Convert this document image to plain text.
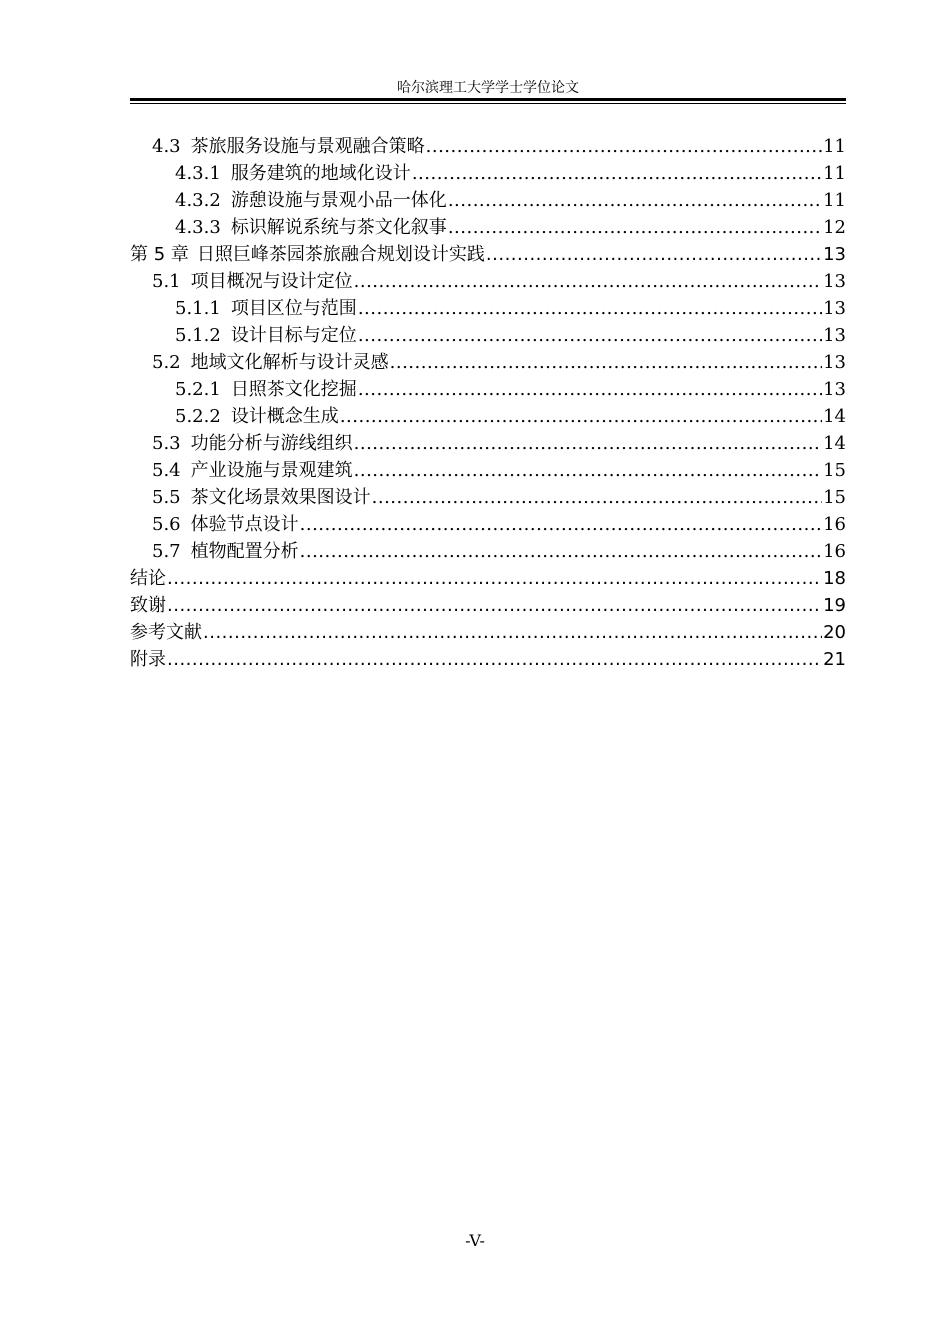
哈尔滨理工大学学士学位论文
4.3 茶旅服务设施与景观融合策略 .....	11
4.3.1 服务建筑的地域化设计 .....	11
4.3.2 游憩设施与景观小品一体化 .....	11
4.3.3 标识解说系统与茶文化叙事 .....	12
第 5 章 日照巨峰茶园茶旅融合规划设计实践 .....	13
5.1 项目概况与设计定位 .....	13
5.1.1 项目区位与范围 .....	13
5.1.2 设计目标与定位 .....	13
5.2 地域文化解析与设计灵感 .....	13
5.2.1 日照茶文化挖掘 .....	13
5.2.2 设计概念生成 .....	14
5.3 功能分析与游线组织 .....	14
5.4 产业设施与景观建筑 .....	15
5.5 茶文化场景效果图设计 .....	15
5.6 体验节点设计 .....	16
5.7 植物配置分析 .....	16
结论 .....	18
致谢 .....	19
参考文献 .....	20
附录 .....	21
-V-
